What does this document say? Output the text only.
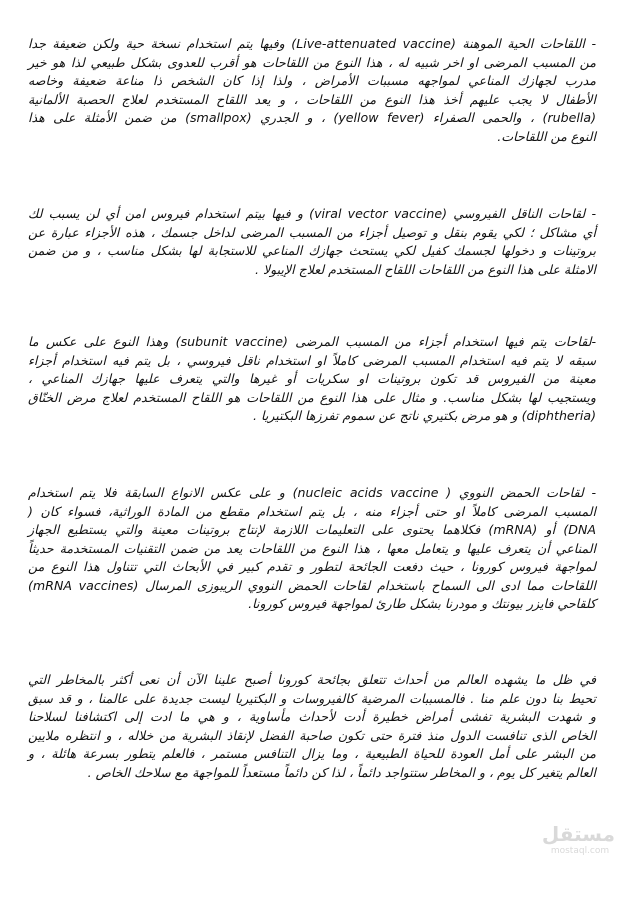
- اللقاحات الحية الموهنة (Live-attenuated vaccine) وفيها يتم استخدام نسخة حية ولكن ضعيفة جدا
من المسبب المرضى او اخر شبيه له ، هذا النوع من اللقاحات هو أقرب للعدوى بشكل طبيعي لذا هو خير
مدرب لجهازك المناعي لمواجهه مسببات الأمراض ، ولذا إذا كان الشخص ذا مناعة ضعيفة وخاصه
الأطفال لا يجب عليهم أخذ هذا النوع من اللقاحات ، و يعد اللقاح المستخدم لعلاج الحصبة الألمانية
(rubella) ، والحمى الصفراء (yellow fever) ، و الجدري (smallpox) من ضمن الأمثلة على هذا
النوع من اللقاحات.
- لقاحات الناقل الفيروسي (viral vector vaccine) و فيها بيتم استخدام فيروس امن أي لن يسبب لك
أي مشاكل ؛ لكي يقوم بنقل و توصيل أجزاء من المسبب المرضى لداخل جسمك ، هذه الأجزاء عبارة عن
بروتينات و دخولها لجسمك كفيل لكي يستحث جهازك المناعي للاستجابة لها بشكل مناسب ، و من ضمن
الامثلة على هذا النوع من اللقاحات اللقاح المستخدم لعلاج الإيبولا .
-لقاحات يتم فيها استخدام أجزاء من المسبب المرضى (subunit vaccine) وهذا النوع على عكس ما
سبقه لا يتم فيه استخدام المسبب المرضى كاملاً او استخدام ناقل فيروسي ، بل يتم فيه استخدام أجزاء
معينة من الفيروس قد تكون بروتينات او سكريات أو غيرها والتي يتعرف عليها جهازك المناعي ،
ويستجيب لها بشكل مناسب. و مثال على هذا النوع من اللقاحات هو اللقاح المستخدم لعلاج مرض الخنّاق
(diphtheria) و هو مرض بكتيري ناتج عن سموم تفرزها البكتيريا .
- لقاحات الحمض النووي ( nucleic acids vaccine) و على عكس الانواع السابقة فلا يتم استخدام
المسبب المرضى كاملاً او حتى أجزاء منه ، بل يتم استخدام مقطع من المادة الوراثية، فسواء كان (
DNA) أو (mRNA) فكلاهما يحتوى على التعليمات اللازمة لإنتاج بروتينات معينة والتي يستطيع الجهاز
المناعي أن يتعرف عليها و يتعامل معها ، هذا النوع من اللقاحات يعد من ضمن التقنيات المستخدمة حديثاً
لمواجهة فيروس كورونا ، حيث دفعت الجائحة لتطور و تقدم كبير في الأبحاث التي تتناول هذا النوع من
اللقاحات مما ادى الى السماح باستخدام لقاحات الحمض النووي الريبوزى المرسال (mRNA vaccines)
كلقاحي فايزر بيونتك و مودرنا بشكل طارئ لمواجهة فيروس كورونا.
في ظل ما يشهده العالم من أحداث تتعلق بجائحة كورونا أصبح علينا الآن أن نعى أكثر بالمخاطر التي
تحيط بنا دون علم منا . فالمسببات المرضية كالفيروسات و البكتيريا ليست جديدة على عالمنا ، و قد سبق
و شهدت البشرية تفشى أمراض خطيرة أدت لأحداث مأساوية ، و هي ما ادت إلى اكتشافنا لسلاحنا
الخاص الذى تنافست الدول منذ فترة حتى تكون صاحبة الفضل لإنقاذ البشرية من خلاله ، و انتظره ملايين
من البشر على أمل العودة للحياة الطبيعية ، وما يزال التنافس مستمر ، فالعلم يتطور بسرعة هائلة ، و
العالم يتغير كل يوم ، و المخاطر ستتواجد دائماً ، لذا كن دائماً مستعداً للمواجهة مع سلاحك الخاص .
مستقل
mostaql.com
